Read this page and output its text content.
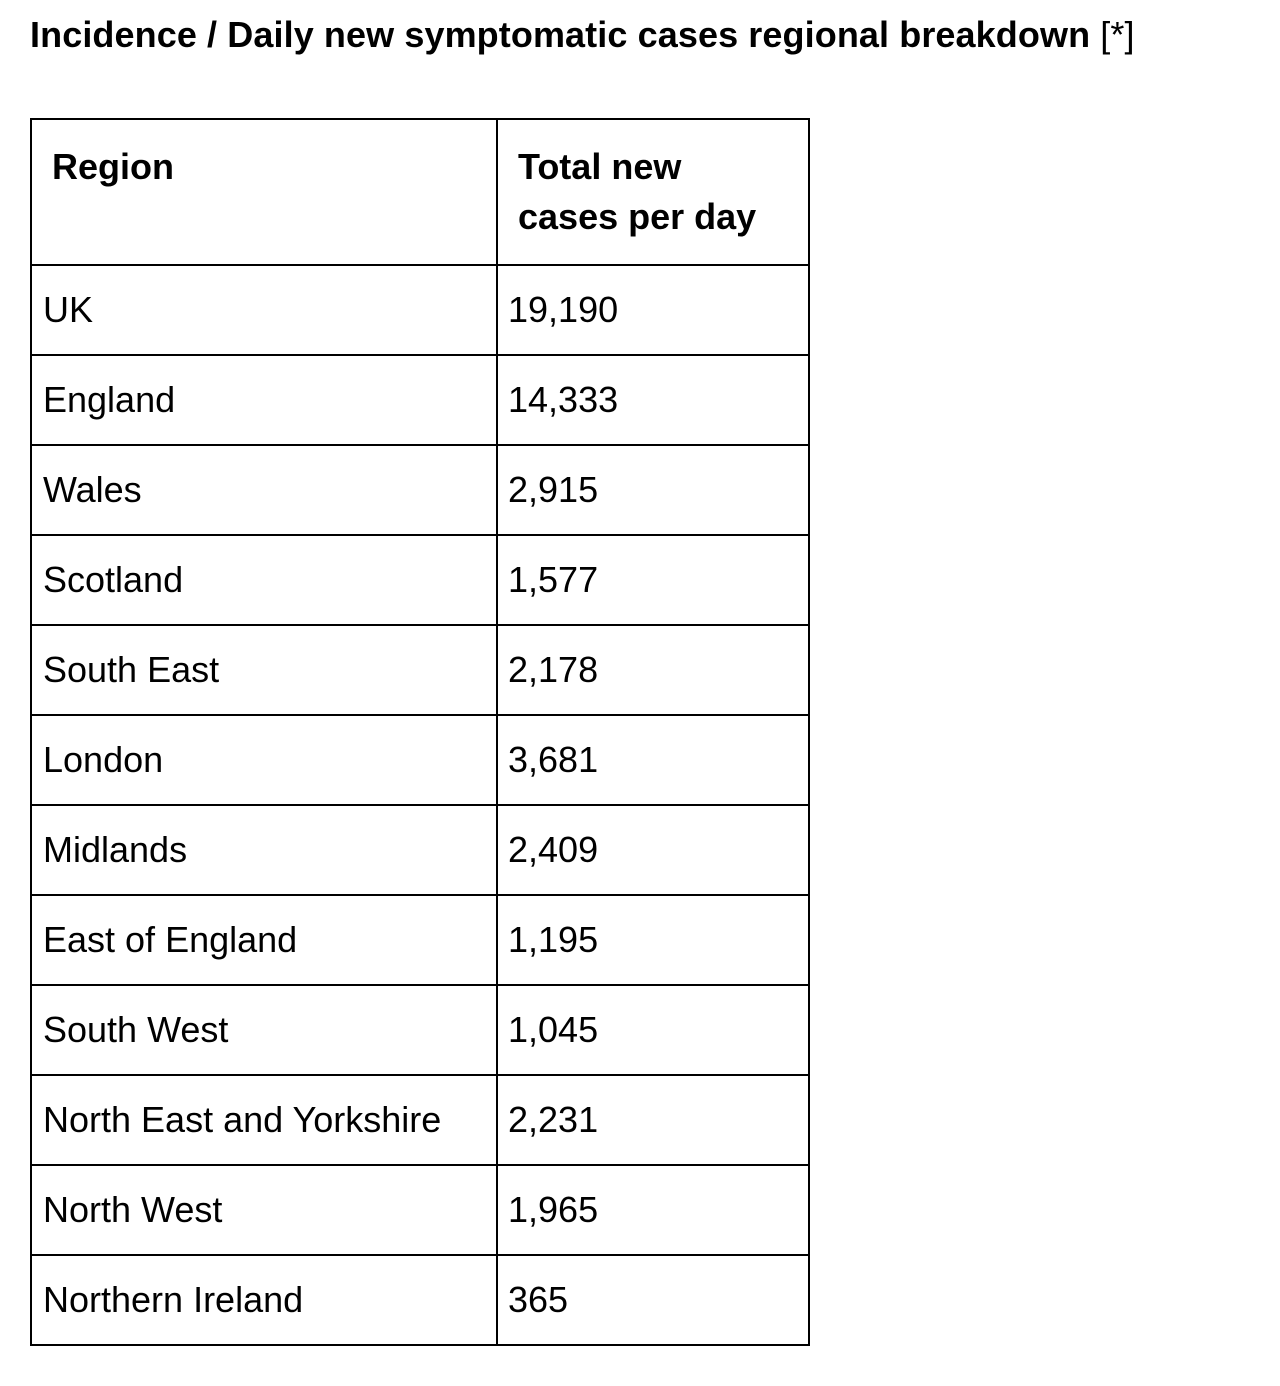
Incidence / Daily new symptomatic cases regional breakdown [*]
Region	Total new
cases per day
UK	19,190
England	14,333
Wales	2,915
Scotland	1,577
South East	2,178
London	3,681
Midlands	2,409
East of England	1,195
South West	1,045
North East and Yorkshire	2,231
North West	1,965
Northern Ireland	365
